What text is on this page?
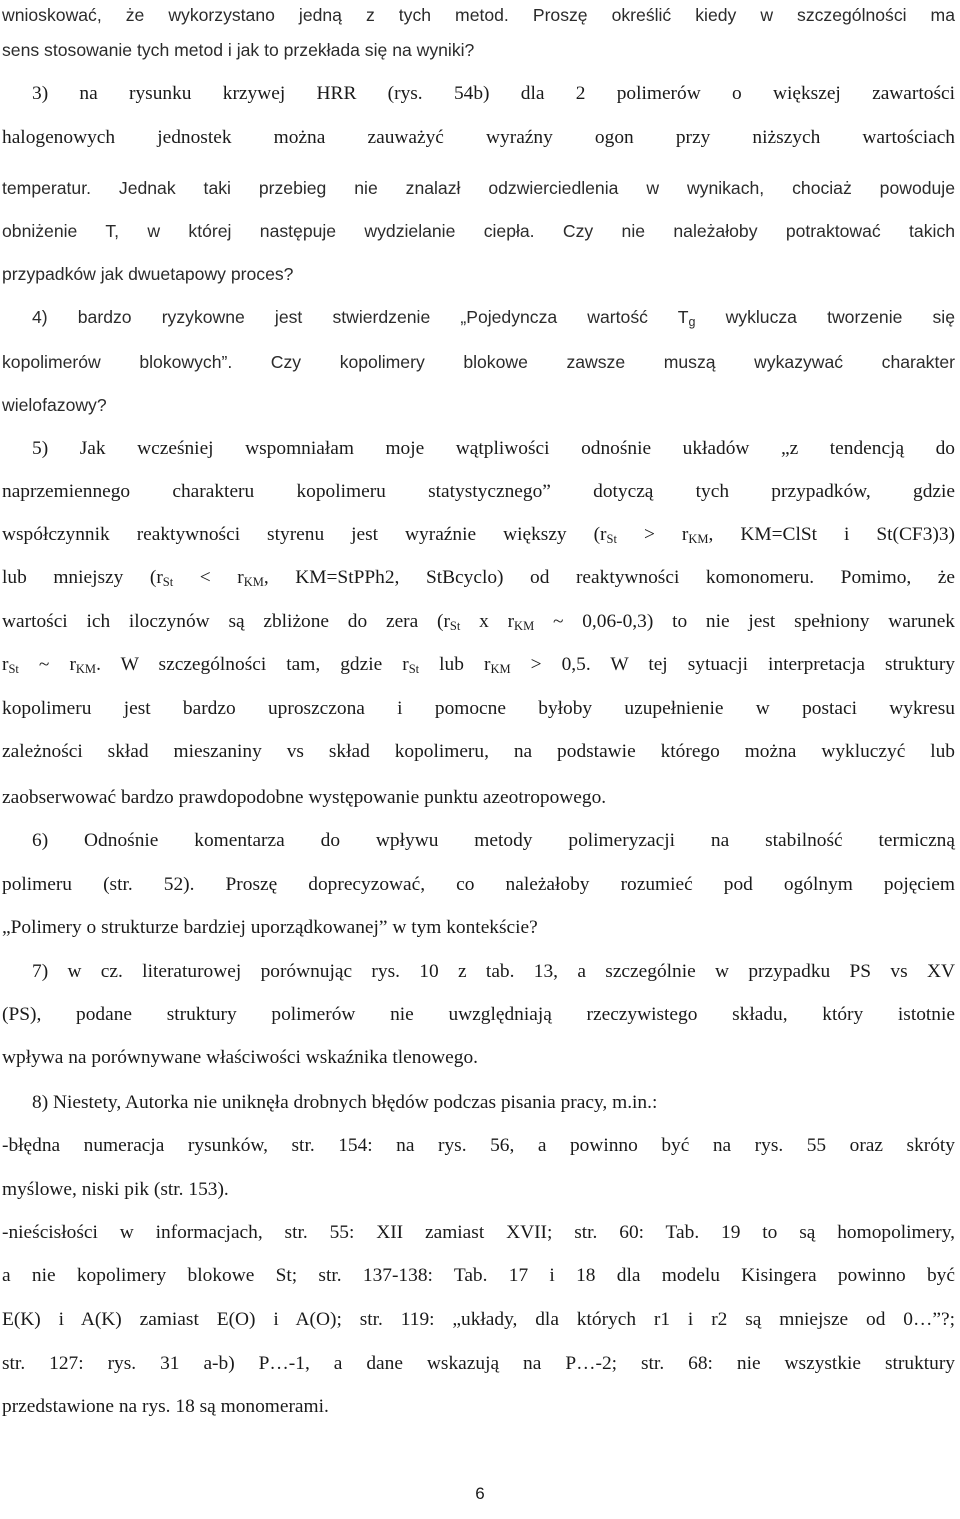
wnioskować, że wykorzystano jedną z tych metod. Proszę określić kiedy w szczególności ma
sens stosowanie tych metod i jak to przekłada się na wyniki?
3) na rysunku krzywej HRR (rys. 54b) dla 2 polimerów o większej zawartości
halogenowych jednostek można zauważyć wyraźny ogon przy niższych wartościach
temperatur. Jednak taki przebieg nie znalazł odzwierciedlenia w wynikach, chociaż powoduje
obniżenie T, w której następuje wydzielanie ciepła. Czy nie należałoby potraktować takich
przypadków jak dwuetapowy proces?
4) bardzo ryzykowne jest stwierdzenie „Pojedyncza wartość $T_g$ wyklucza tworzenie się
kopolimerów blokowych”. Czy kopolimery blokowe zawsze muszą wykazywać charakter
wielofazowy?
5) Jak wcześniej wspomniałam moje wątpliwości odnośnie układów „z tendencją do
naprzemiennego charakteru kopolimeru statystycznego” dotyczą tych przypadków, gdzie
współczynnik reaktywności styrenu jest wyraźnie większy ($r_{St} > r_{KM}$, KM=ClSt i St(CF3)3)
lub mniejszy ($r_{St} < r_{KM}$, KM=StPPh2, StBcyclo) od reaktywności komonomeru. Pomimo, że
wartości ich iloczynów są zbliżone do zera ($r_{St}$ x $r_{KM}$ ~ 0,06-0,3) to nie jest spełniony warunek
$r_{St}$ ~ $r_{KM}$. W szczególności tam, gdzie $r_{St}$ lub $r_{KM} > 0,5$. W tej sytuacji interpretacja struktury
kopolimeru jest bardzo uproszczona i pomocne byłoby uzupełnienie w postaci wykresu
zależności skład mieszaniny vs skład kopolimeru, na podstawie którego można wykluczyć lub
zaobserwować bardzo prawdopodobne występowanie punktu azeotropowego.
6) Odnośnie komentarza do wpływu metody polimeryzacji na stabilność termiczną
polimeru (str. 52). Proszę doprecyzować, co należałoby rozumieć pod ogólnym pojęciem
„Polimery o strukturze bardziej uporządkowanej” w tym kontekście?
7) w cz. literaturowej porównując rys. 10 z tab. 13, a szczególnie w przypadku PS vs XV
(PS), podane struktury polimerów nie uwzględniają rzeczywistego składu, który istotnie
wpływa na porównywane właściwości wskaźnika tlenowego.
8) Niestety, Autorka nie uniknęła drobnych błędów podczas pisania pracy, m.in.:
-błędna numeracja rysunków, str. 154: na rys. 56, a powinno być na rys. 55 oraz skróty
myślowe, niski pik (str. 153).
-nieścisłości w informacjach, str. 55: XII zamiast XVII; str. 60: Tab. 19 to są homopolimery,
a nie kopolimery blokowe St; str. 137-138: Tab. 17 i 18 dla modelu Kisingera powinno być
E(K) i A(K) zamiast E(O) i A(O); str. 119: „układy, dla których r1 i r2 są mniejsze od 0…”?;
str. 127: rys. 31 a-b) P…-1, a dane wskazują na P…-2; str. 68: nie wszystkie struktury
przedstawione na rys. 18 są monomerami.
6
